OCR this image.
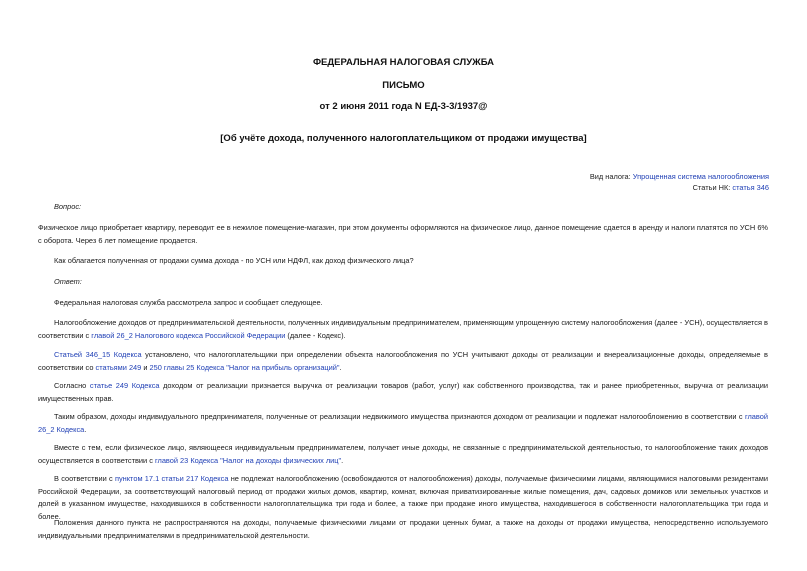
ФЕДЕРАЛЬНАЯ НАЛОГОВАЯ СЛУЖБА
ПИСЬМО
от 2 июня 2011 года N ЕД-3-3/1937@
[Об учёте дохода, полученного налогоплательщиком от продажи имущества]
Вид налога: Упрощенная система налогообложения
Статьи НК: статья 346
Вопрос:
Физическое лицо приобретает квартиру, переводит ее в нежилое помещение-магазин, при этом документы оформляются на физическое лицо, данное помещение сдается в аренду и налоги платятся по УСН 6% с оборота. Через 6 лет помещение продается.
Как облагается полученная от продажи сумма дохода - по УСН или НДФЛ, как доход физического лица?
Ответ:
Федеральная налоговая служба рассмотрела запрос и сообщает следующее.
Налогообложение доходов от предпринимательской деятельности, полученных индивидуальным предпринимателем, применяющим упрощенную систему налогообложения (далее - УСН), осуществляется в соответствии с главой 26_2 Налогового кодекса Российской Федерации (далее - Кодекс).
Статьей 346_15 Кодекса установлено, что налогоплательщики при определении объекта налогообложения по УСН учитывают доходы от реализации и внереализационные доходы, определяемые в соответствии со статьями 249 и 250 главы 25 Кодекса "Налог на прибыль организаций".
Согласно статье 249 Кодекса доходом от реализации признается выручка от реализации товаров (работ, услуг) как собственного производства, так и ранее приобретенных, выручка от реализации имущественных прав.
Таким образом, доходы индивидуального предпринимателя, полученные от реализации недвижимого имущества признаются доходом от реализации и подлежат налогообложению в соответствии с главой 26_2 Кодекса.
Вместе с тем, если физическое лицо, являющееся индивидуальным предпринимателем, получает иные доходы, не связанные с предпринимательской деятельностью, то налогообложение таких доходов осуществляется в соответствии с главой 23 Кодекса "Налог на доходы физических лиц".
В соответствии с пунктом 17.1 статьи 217 Кодекса не подлежат налогообложению (освобождаются от налогообложения) доходы, получаемые физическими лицами, являющимися налоговыми резидентами Российской Федерации, за соответствующий налоговый период от продажи жилых домов, квартир, комнат, включая приватизированные жилые помещения, дач, садовых домиков или земельных участков и долей в указанном имуществе, находившихся в собственности налогоплательщика три года и более, а также при продаже иного имущества, находившегося в собственности налогоплательщика три года и более.
Положения данного пункта не распространяются на доходы, получаемые физическими лицами от продажи ценных бумаг, а также на доходы от продажи имущества, непосредственно используемого индивидуальными предпринимателями в предпринимательской деятельности.
